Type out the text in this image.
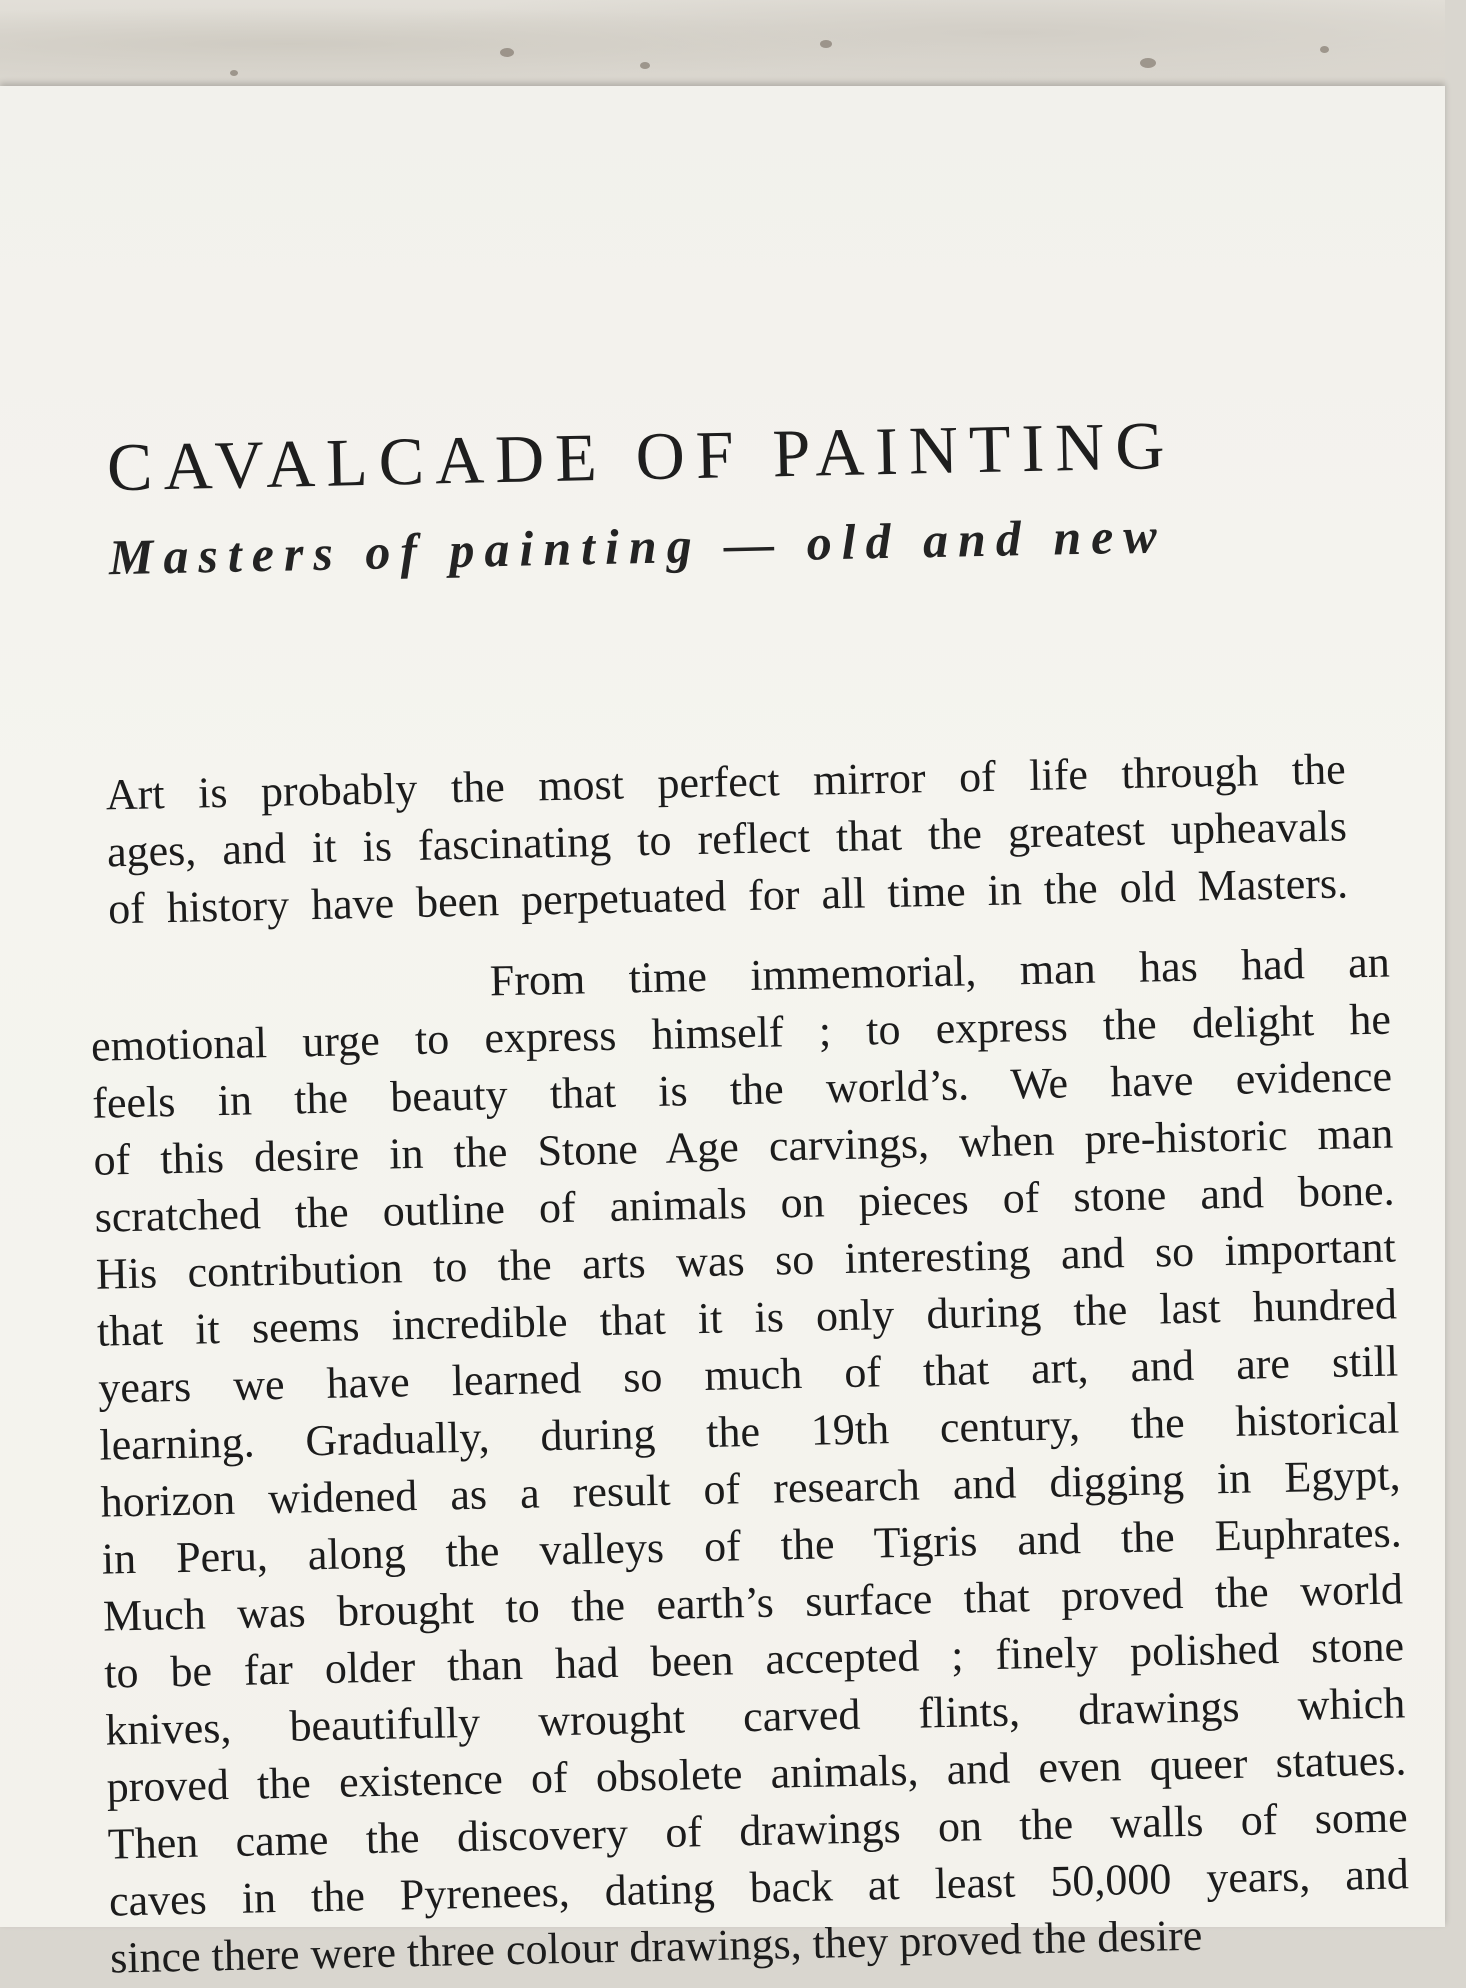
CAVALCADE OF PAINTING
Masters of painting — old and new

Art is probably the most perfect mirror of life through the
ages, and it is fascinating to reflect that the greatest upheavals
of history have been perpetuated for all time in the old Masters.

From time immemorial, man has had an
emotional urge to express himself ; to express the delight he
feels in the beauty that is the world’s. We have evidence
of this desire in the Stone Age carvings, when pre-historic man
scratched the outline of animals on pieces of stone and bone.
His contribution to the arts was so interesting and so important
that it seems incredible that it is only during the last hundred
years we have learned so much of that art, and are still
learning. Gradually, during the 19th century, the historical
horizon widened as a result of research and digging in Egypt,
in Peru, along the valleys of the Tigris and the Euphrates.
Much was brought to the earth’s surface that proved the world
to be far older than had been accepted ; finely polished stone
knives, beautifully wrought carved flints, drawings which
proved the existence of obsolete animals, and even queer statues.
Then came the discovery of drawings on the walls of some
caves in the Pyrenees, dating back at least 50,000 years, and
since there were three colour drawings, they proved the desire
